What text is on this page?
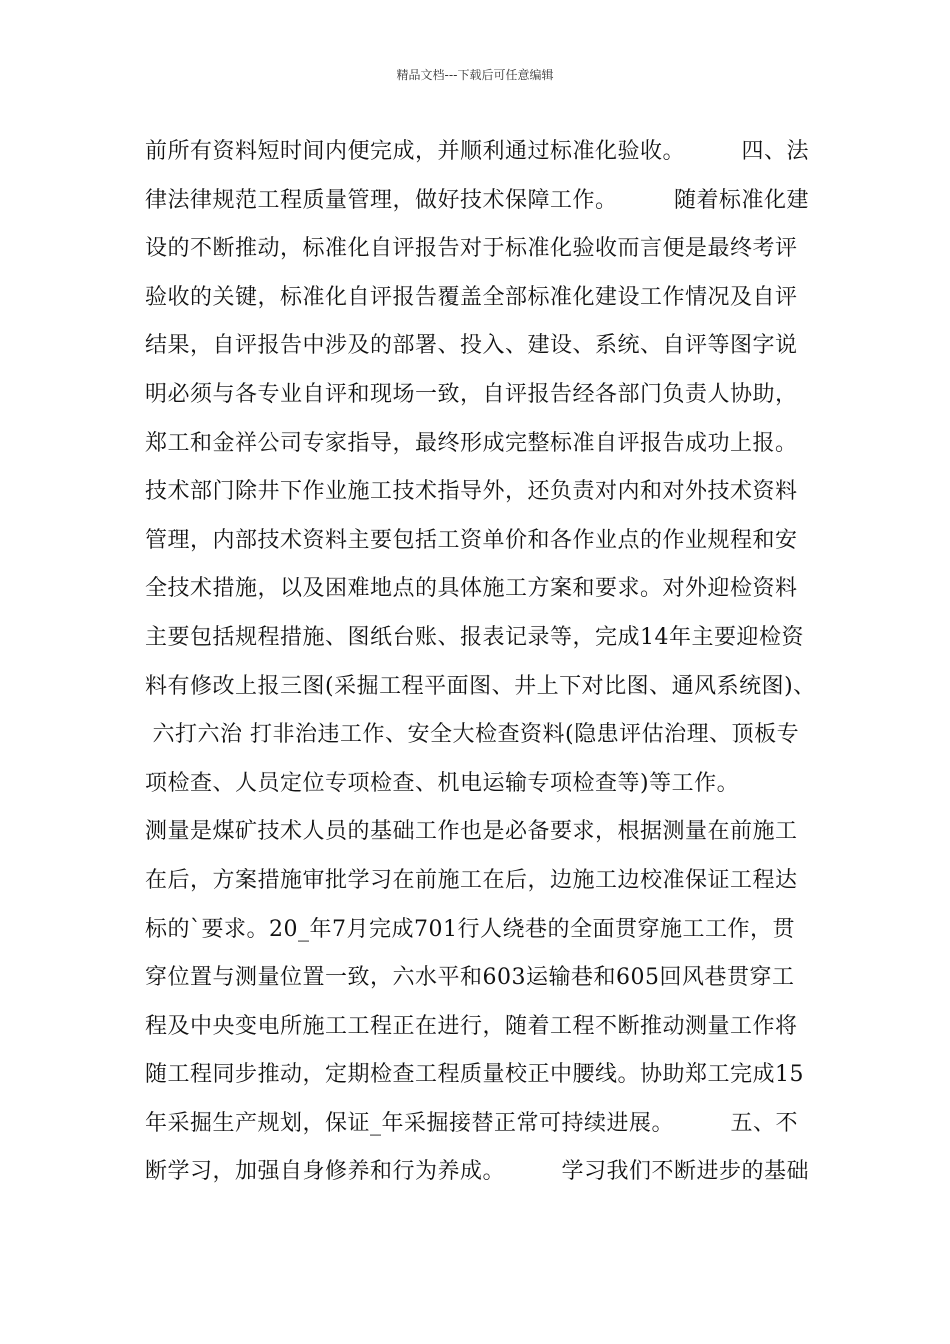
精品文档---下载后可任意编辑
前所有资料短时间内便完成，并顺利通过标准化验收。　　　四、法
律法律规范工程质量管理，做好技术保障工作。　　　随着标准化建
设的不断推动，标准化自评报告对于标准化验收而言便是最终考评
验收的关键，标准化自评报告覆盖全部标准化建设工作情况及自评
结果，自评报告中涉及的部署、投入、建设、系统、自评等图字说
明必须与各专业自评和现场一致，自评报告经各部门负责人协助，
郑工和金祥公司专家指导，最终形成完整标准自评报告成功上报。
技术部门除井下作业施工技术指导外，还负责对内和对外技术资料
管理，内部技术资料主要包括工资单价和各作业点的作业规程和安
全技术措施，以及困难地点的具体施工方案和要求。对外迎检资料
主要包括规程措施、图纸台账、报表记录等，完成14年主要迎检资
料有修改上报三图(采掘工程平面图、井上下对比图、通风系统图)、
六打六治 打非治违工作、安全大检查资料(隐患评估治理、顶板专
项检查、人员定位专项检查、机电运输专项检查等)等工作。
测量是煤矿技术人员的基础工作也是必备要求，根据测量在前施工
在后，方案措施审批学习在前施工在后，边施工边校准保证工程达
标的`要求。20_年7月完成701行人绕巷的全面贯穿施工工作，贯
穿位置与测量位置一致，六水平和603运输巷和605回风巷贯穿工
程及中央变电所施工工程正在进行，随着工程不断推动测量工作将
随工程同步推动，定期检查工程质量校正中腰线。协助郑工完成15
年采掘生产规划，保证_年采掘接替正常可持续进展。　　　五、不
断学习，加强自身修养和行为养成。　　　学习我们不断进步的基础
